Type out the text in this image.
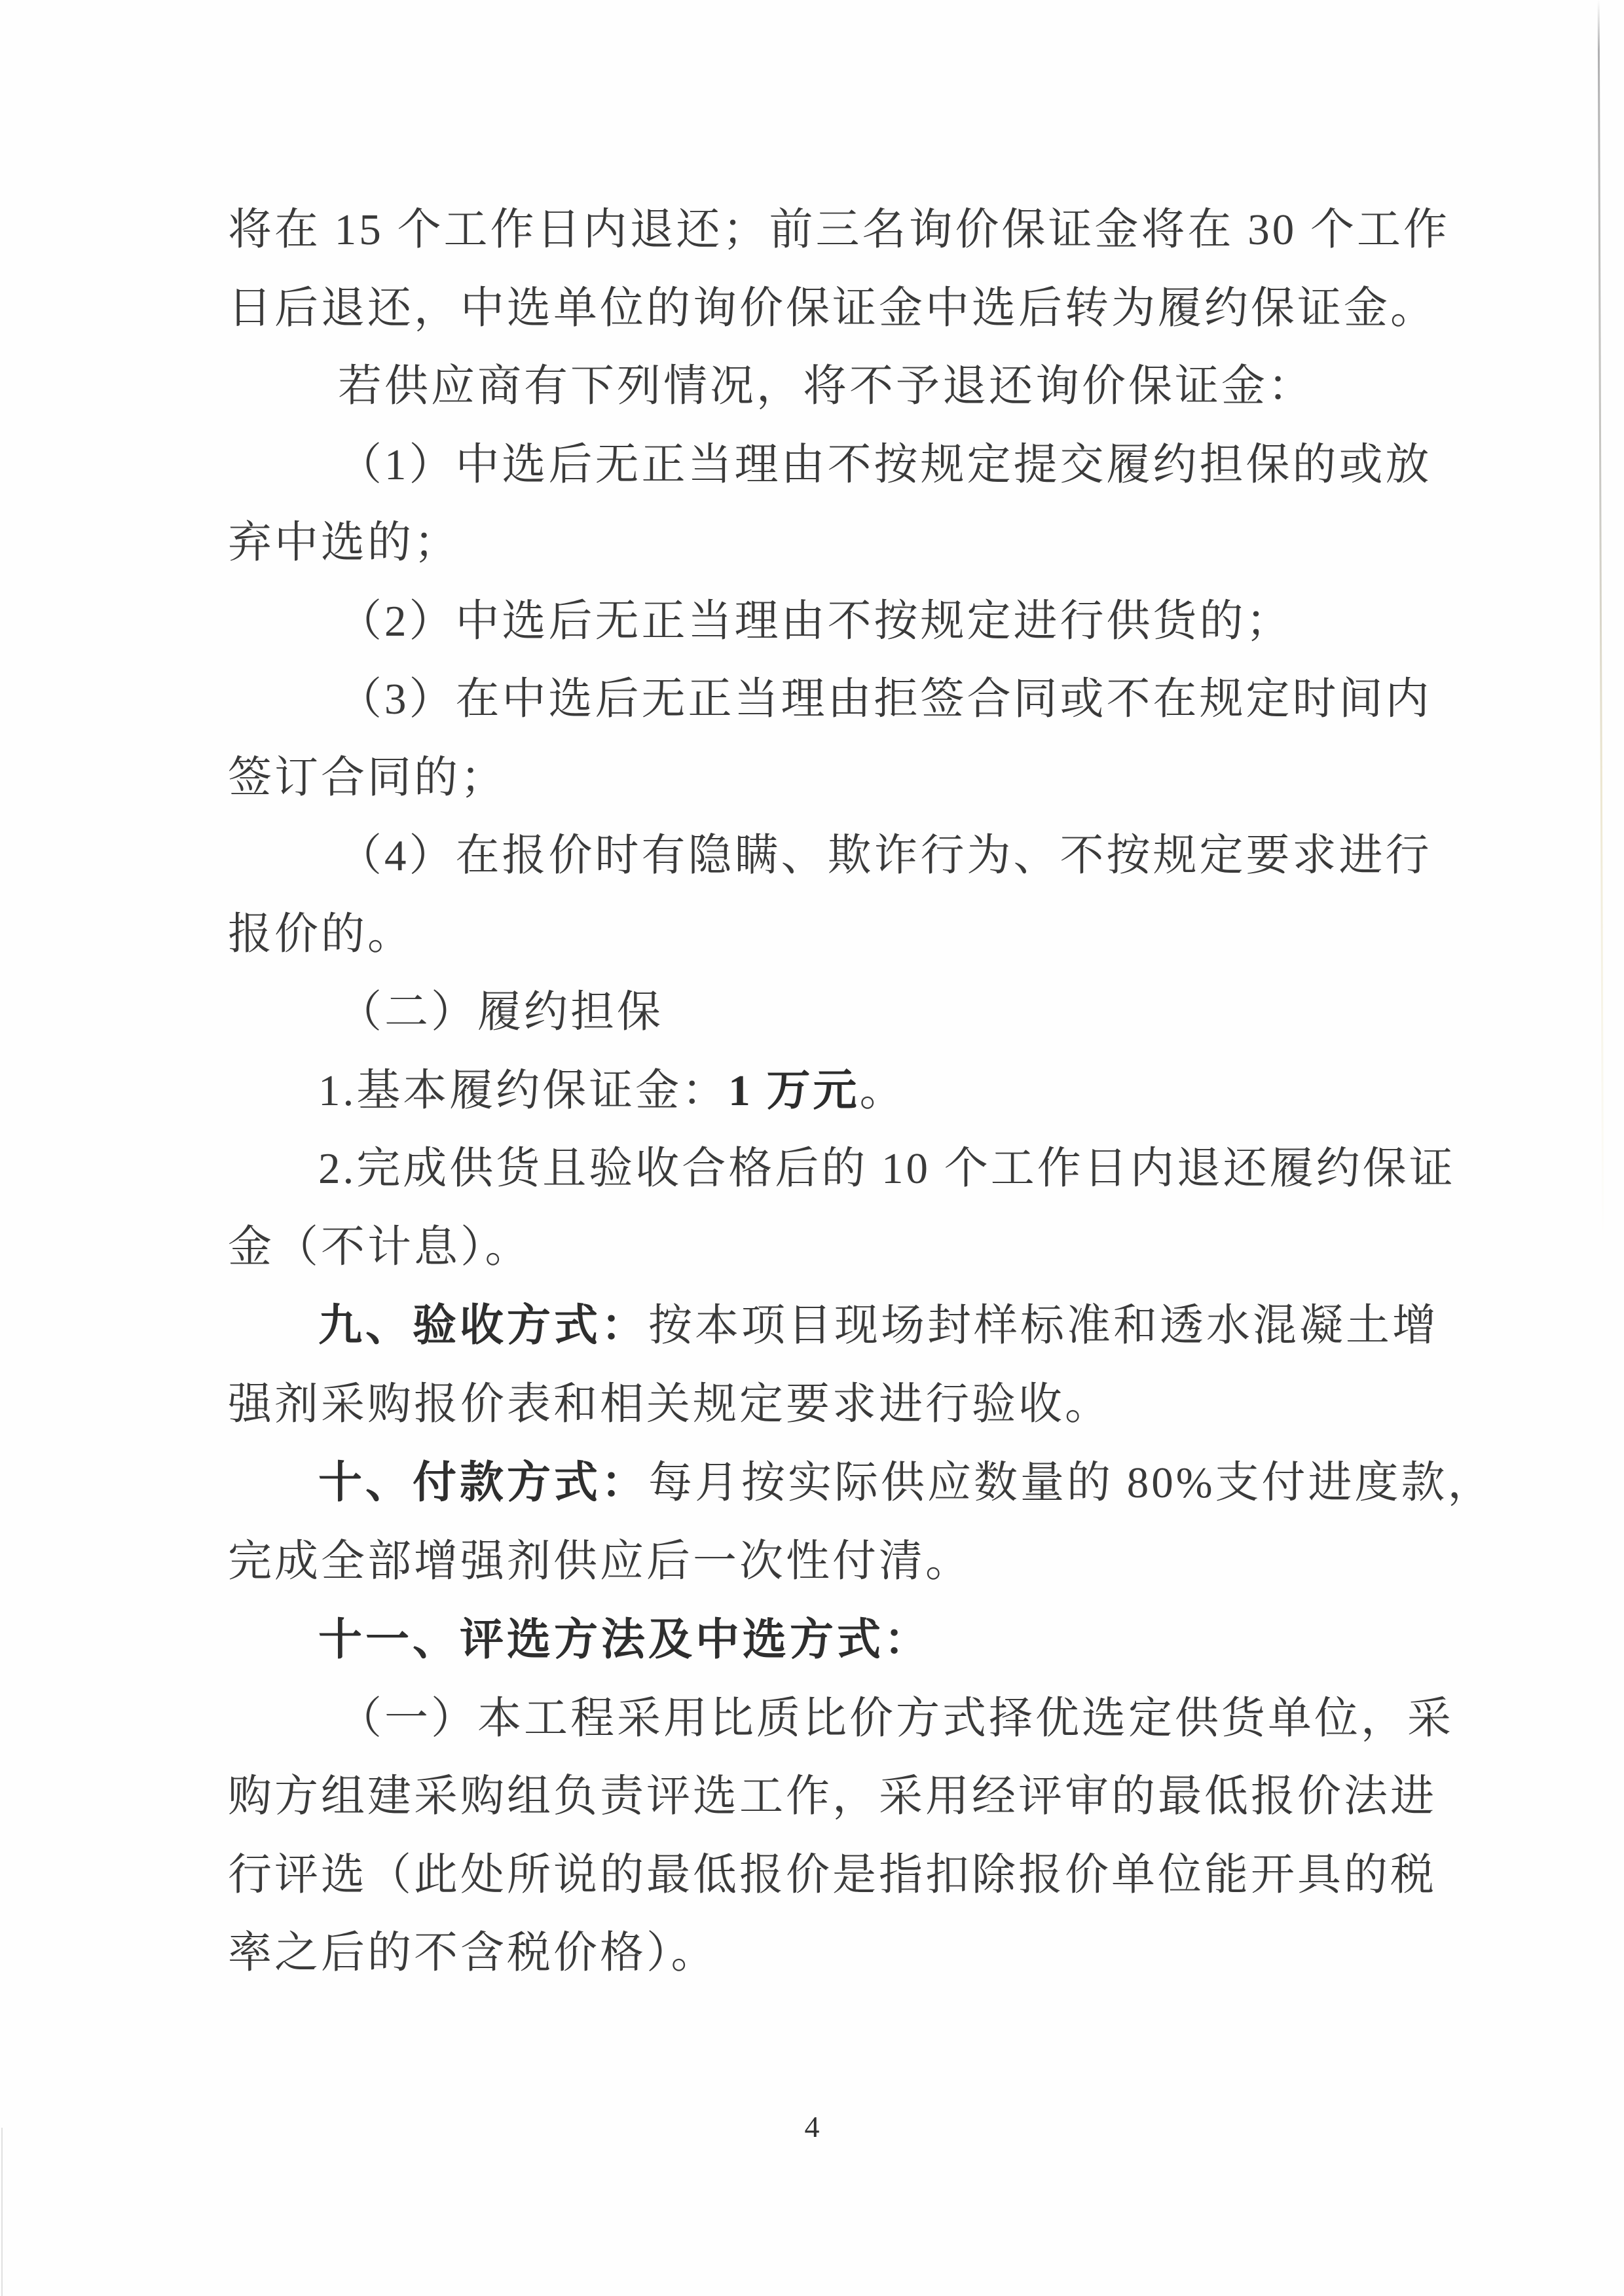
将在 15 个工作日内退还；前三名询价保证金将在 30 个工作
日后退还，中选单位的询价保证金中选后转为履约保证金。
若供应商有下列情况，将不予退还询价保证金：
（1）中选后无正当理由不按规定提交履约担保的或放
弃中选的；
（2）中选后无正当理由不按规定进行供货的；
（3）在中选后无正当理由拒签合同或不在规定时间内
签订合同的；
（4）在报价时有隐瞒、欺诈行为、不按规定要求进行
报价的。
（二）履约担保
1.基本履约保证金：1 万元。
2.完成供货且验收合格后的 10 个工作日内退还履约保证
金（不计息）。
九、验收方式：按本项目现场封样标准和透水混凝土增
强剂采购报价表和相关规定要求进行验收。
十、付款方式：每月按实际供应数量的 80%支付进度款，
完成全部增强剂供应后一次性付清。
十一、评选方法及中选方式：
（一）本工程采用比质比价方式择优选定供货单位，采
购方组建采购组负责评选工作，采用经评审的最低报价法进
行评选（此处所说的最低报价是指扣除报价单位能开具的税
率之后的不含税价格）。
4
